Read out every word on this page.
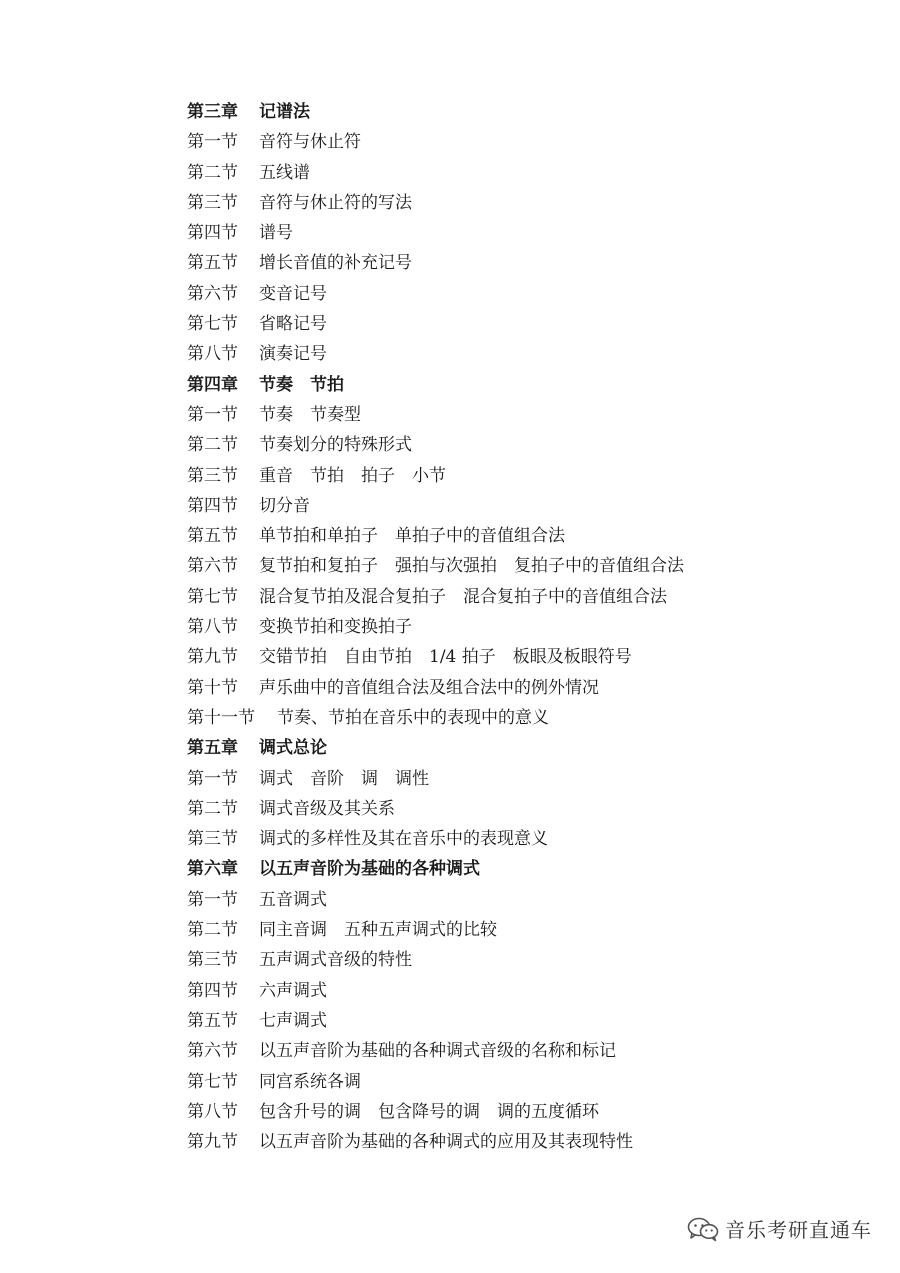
第三章	记谱法
第一节	音符与休止符
第二节	五线谱
第三节	音符与休止符的写法
第四节	谱号
第五节	增长音值的补充记号
第六节	变音记号
第七节	省略记号
第八节	演奏记号
第四章	节奏　节拍
第一节	节奏　节奏型
第二节	节奏划分的特殊形式
第三节	重音　节拍　拍子　小节
第四节	切分音
第五节	单节拍和单拍子　单拍子中的音值组合法
第六节	复节拍和复拍子　强拍与次强拍　复拍子中的音值组合法
第七节	混合复节拍及混合复拍子　混合复拍子中的音值组合法
第八节	变换节拍和变换拍子
第九节	交错节拍　自由节拍　1/4 拍子　板眼及板眼符号
第十节	声乐曲中的音值组合法及组合法中的例外情况
第十一节	节奏、节拍在音乐中的表现中的意义
第五章	调式总论
第一节	调式　音阶　调　调性
第二节	调式音级及其关系
第三节	调式的多样性及其在音乐中的表现意义
第六章	以五声音阶为基础的各种调式
第一节	五音调式
第二节	同主音调　五种五声调式的比较
第三节	五声调式音级的特性
第四节	六声调式
第五节	七声调式
第六节	以五声音阶为基础的各种调式音级的名称和标记
第七节	同宫系统各调
第八节	包含升号的调　包含降号的调　调的五度循环
第九节	以五声音阶为基础的各种调式的应用及其表现特性
音乐考研直通车
